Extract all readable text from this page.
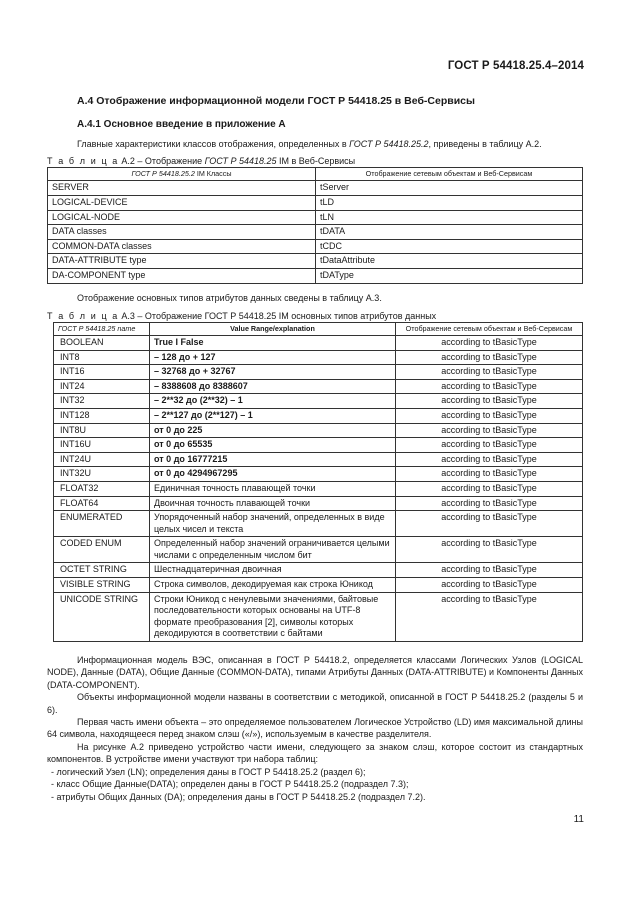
ГОСТ Р 54418.25.4–2014

А.4 Отображение информационной модели ГОСТ Р 54418.25 в Веб-Сервисы

А.4.1 Основное введение в приложение А

Главные характеристики классов отображения, определенных в ГОСТ Р 54418.25.2, приведены в таблицу А.2.

Т а б л и ц а А.2 – Отображение ГОСТ Р 54418.25 IM в Веб-Сервисы

ГОСТ Р 54418.25.2 IM Классы	Отображение сетевым объектам и Веб-Сервисам
SERVER	tServer
LOGICAL-DEVICE	tLD
LOGICAL-NODE	tLN
DATA classes	tDATA
COMMON-DATA classes	tCDC
DATA-ATTRIBUTE type	tDataAttribute
DA-COMPONENT type	tDAType

Отображение основных типов атрибутов данных сведены в таблицу А.3.

Т а б л и ц а А.3 – Отображение ГОСТ Р 54418.25 IM основных типов атрибутов данных

ГОСТ Р 54418.25 name	Value Range/explanation	Отображение сетевым объектам и Веб-Сервисам
BOOLEAN	True I False	according to tBasicType
INT8	– 128 до + 127	according to tBasicType
INT16	– 32768 до + 32767	according to tBasicType
INT24	– 8388608 до 8388607	according to tBasicType
INT32	– 2**32 до (2**32) – 1	according to tBasicType
INT128	– 2**127 до (2**127) – 1	according to tBasicType
INT8U	от 0 до 225	according to tBasicType
INT16U	от 0 до 65535	according to tBasicType
INT24U	от 0 до 16777215	according to tBasicType
INT32U	от 0 до 4294967295	according to tBasicType
FLOAT32	Единичная точность плавающей точки	according to tBasicType
FLOAT64	Двоичная точность плавающей точки	according to tBasicType
ENUMERATED	Упорядоченный набор значений, определенных в виде целых чисел и текста	according to tBasicType
CODED ENUM	Определенный набор значений ограничивается целыми числами с определенным числом бит	according to tBasicType
OCTET STRING	Шестнадцатеричная двоичная	according to tBasicType
VISIBLE STRING	Строка символов, декодируемая как строка Юникод	according to tBasicType
UNICODE STRING	Строки Юникод с ненулевыми значениями, байтовые последовательности которых основаны на UTF-8 формате преобразования [2], символы которых декодируются в соответствии с байтами	according to tBasicType

Информационная модель ВЭС, описанная в ГОСТ Р 54418.2, определяется классами Логических Узлов (LOGICAL NODE), Данные (DATA), Общие Данные (COMMON-DATA), типами Атрибуты Данных (DATA-ATTRIBUTE) и Компоненты Данных (DATA-COMPONENT).

Объекты информационной модели названы в соответствии с методикой, описанной в ГОСТ Р 54418.25.2 (разделы 5 и 6).

Первая часть имени объекта – это определяемое пользователем Логическое Устройство (LD) имя максимальной длины 64 символа, находящееся перед знаком слэш («/»), используемым в качестве разделителя.

На рисунке А.2 приведено устройство части имени, следующего за знаком слэш, которое состоит из стандартных компонентов. В устройстве имени участвуют три набора таблиц:

- логический Узел (LN); определения даны в ГОСТ Р 54418.25.2 (раздел 6);

- класс Общие Данные(DATA); определен даны в ГОСТ Р 54418.25.2 (подраздел 7.3);

- атрибуты Общих Данных (DA); определения даны в ГОСТ Р 54418.25.2 (подраздел 7.2).

11
